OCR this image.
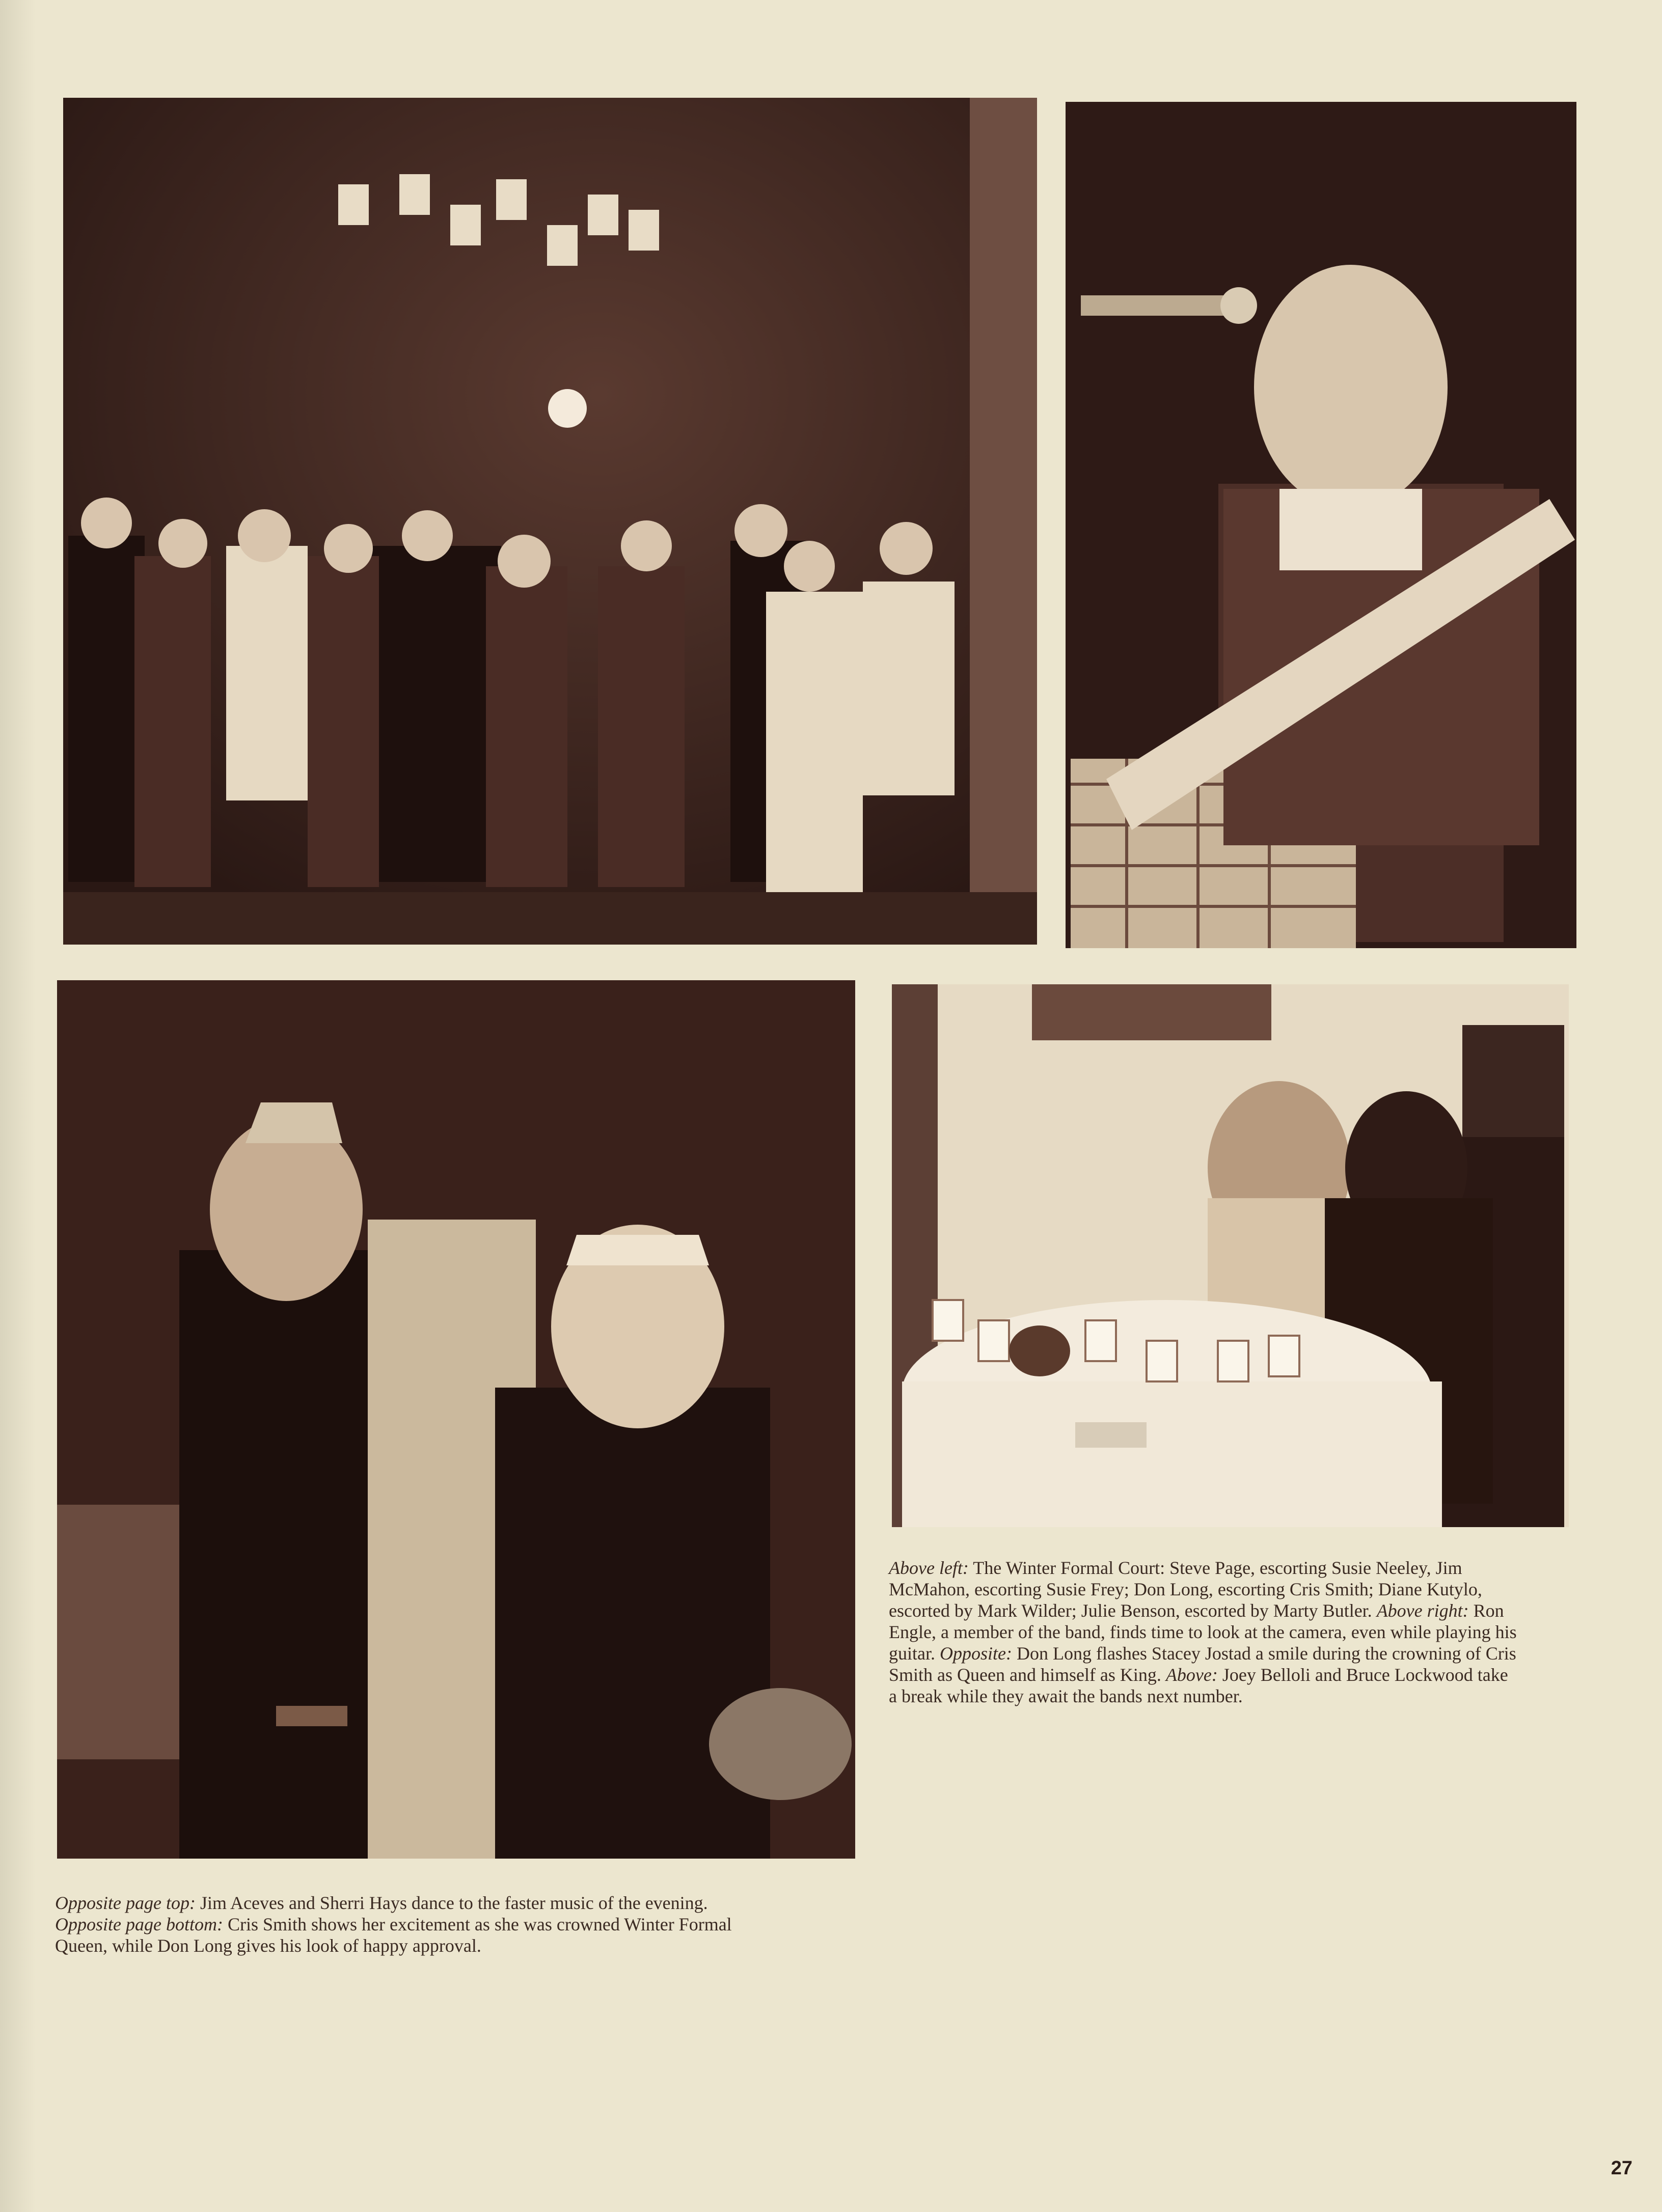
Above left: The Winter Formal Court: Steve Page, escorting Susie Neeley, Jim McMahon, escorting Susie Frey; Don Long, escorting Cris Smith; Diane Kutylo, escorted by Mark Wilder; Julie Benson, escorted by Marty Butler. Above right: Ron Engle, a member of the band, finds time to look at the camera, even while playing his guitar. Opposite: Don Long flashes Stacey Jostad a smile during the crowning of Cris Smith as Queen and himself as King. Above: Joey Belloli and Bruce Lockwood take a break while they await the bands next number.
Opposite page top: Jim Aceves and Sherri Hays dance to the faster music of the evening. Opposite page bottom: Cris Smith shows her excitement as she was crowned Winter Formal Queen, while Don Long gives his look of happy approval.
27
